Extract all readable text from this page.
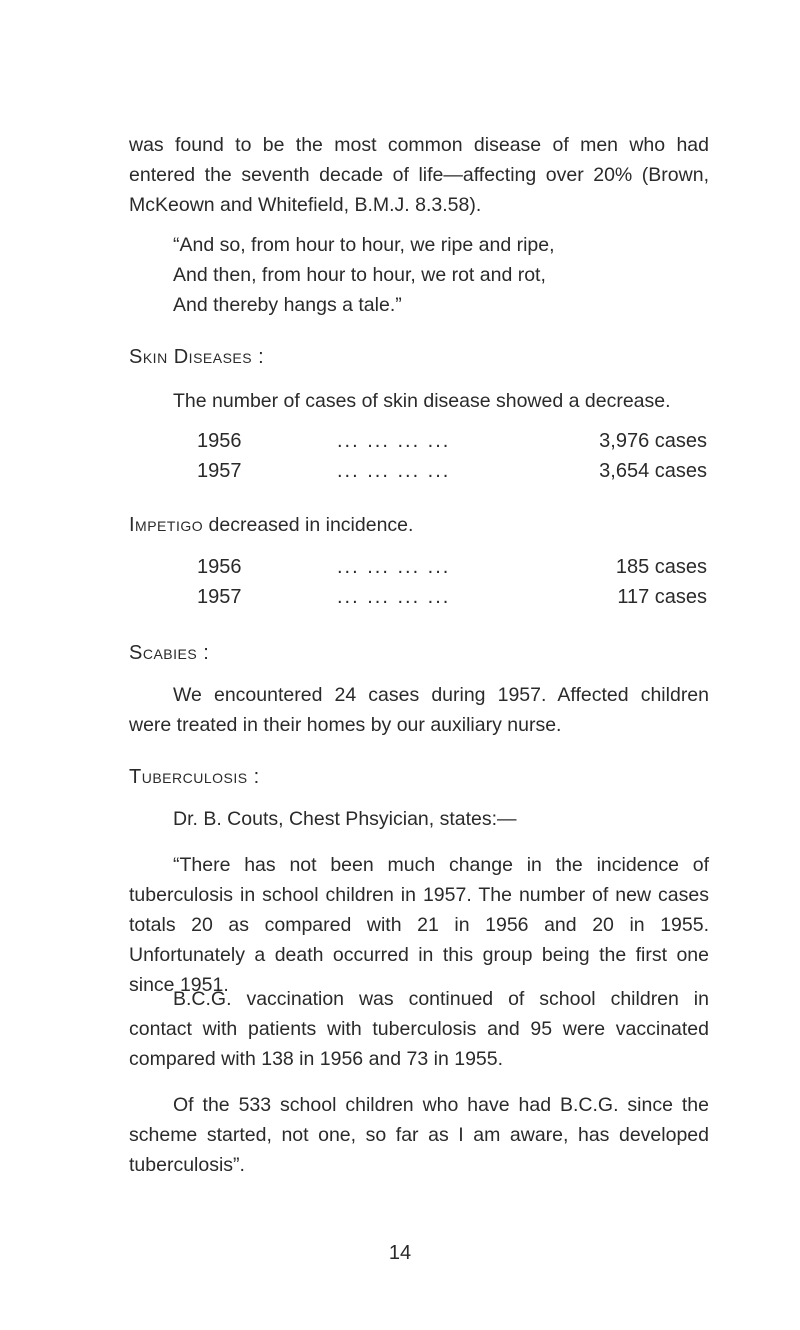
was found to be the most common disease of men who had entered the seventh decade of life—affecting over 20% (Brown, McKeown and Whitefield, B.M.J. 8.3.58).

“And so, from hour to hour, we ripe and ripe,
And then, from hour to hour, we rot and rot,
And thereby hangs a tale.”

Skin Diseases :

The number of cases of skin disease showed a decrease.

1956	... ... ... ...	3,976 cases
1957	... ... ... ...	3,654 cases

Impetigo decreased in incidence.

1956	... ... ... ...	185 cases
1957	... ... ... ...	117 cases

Scabies :

We encountered 24 cases during 1957. Affected children were treated in their homes by our auxiliary nurse.

Tuberculosis :

Dr. B. Couts, Chest Phsyician, states:—

“There has not been much change in the incidence of tuberculosis in school children in 1957. The number of new cases totals 20 as compared with 21 in 1956 and 20 in 1955. Unfortunately a death occurred in this group being the first one since 1951.

B.C.G. vaccination was continued of school children in contact with patients with tuberculosis and 95 were vaccinated compared with 138 in 1956 and 73 in 1955.

Of the 533 school children who have had B.C.G. since the scheme started, not one, so far as I am aware, has developed tuberculosis”.

14
